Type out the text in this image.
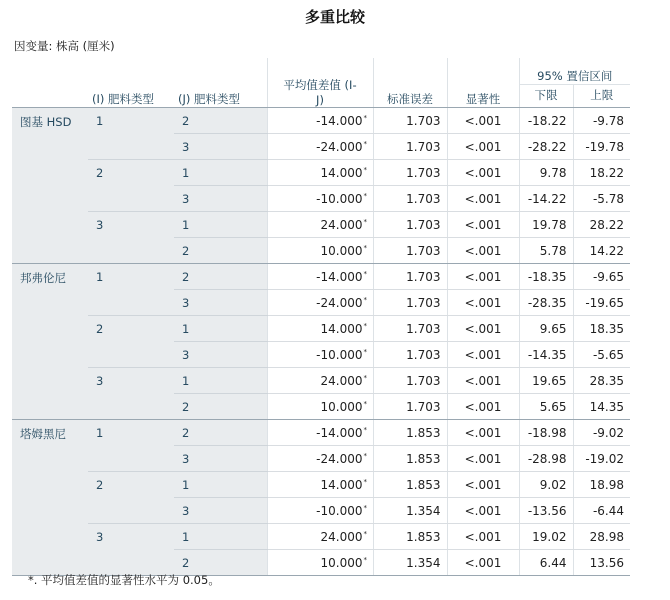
多重比较
因变量: 株高 (厘米)
	(I) 肥料类型	(J) 肥料类型	平均值差值 (I-
J)	标准误差	显著性	95% 置信区间	
						下限	上限
图基 HSD	1	2	-14.000 *	1.703	<.001	-18.22	-9.78
		3	-24.000 *	1.703	<.001	-28.22	-19.78
	2	1	14.000 *	1.703	<.001	9.78	18.22
		3	-10.000 *	1.703	<.001	-14.22	-5.78
	3	1	24.000 *	1.703	<.001	19.78	28.22
		2	10.000 *	1.703	<.001	5.78	14.22
邦弗伦尼	1	2	-14.000 *	1.703	<.001	-18.35	-9.65
		3	-24.000 *	1.703	<.001	-28.35	-19.65
	2	1	14.000 *	1.703	<.001	9.65	18.35
		3	-10.000 *	1.703	<.001	-14.35	-5.65
	3	1	24.000 *	1.703	<.001	19.65	28.35
		2	10.000 *	1.703	<.001	5.65	14.35
塔姆黑尼	1	2	-14.000 *	1.853	<.001	-18.98	-9.02
		3	-24.000 *	1.853	<.001	-28.98	-19.02
	2	1	14.000 *	1.853	<.001	9.02	18.98
		3	-10.000 *	1.354	<.001	-13.56	-6.44
	3	1	24.000 *	1.853	<.001	19.02	28.98
		2	10.000 *	1.354	<.001	6.44	13.56
*. 平均值差值的显著性水平为 0.05。
